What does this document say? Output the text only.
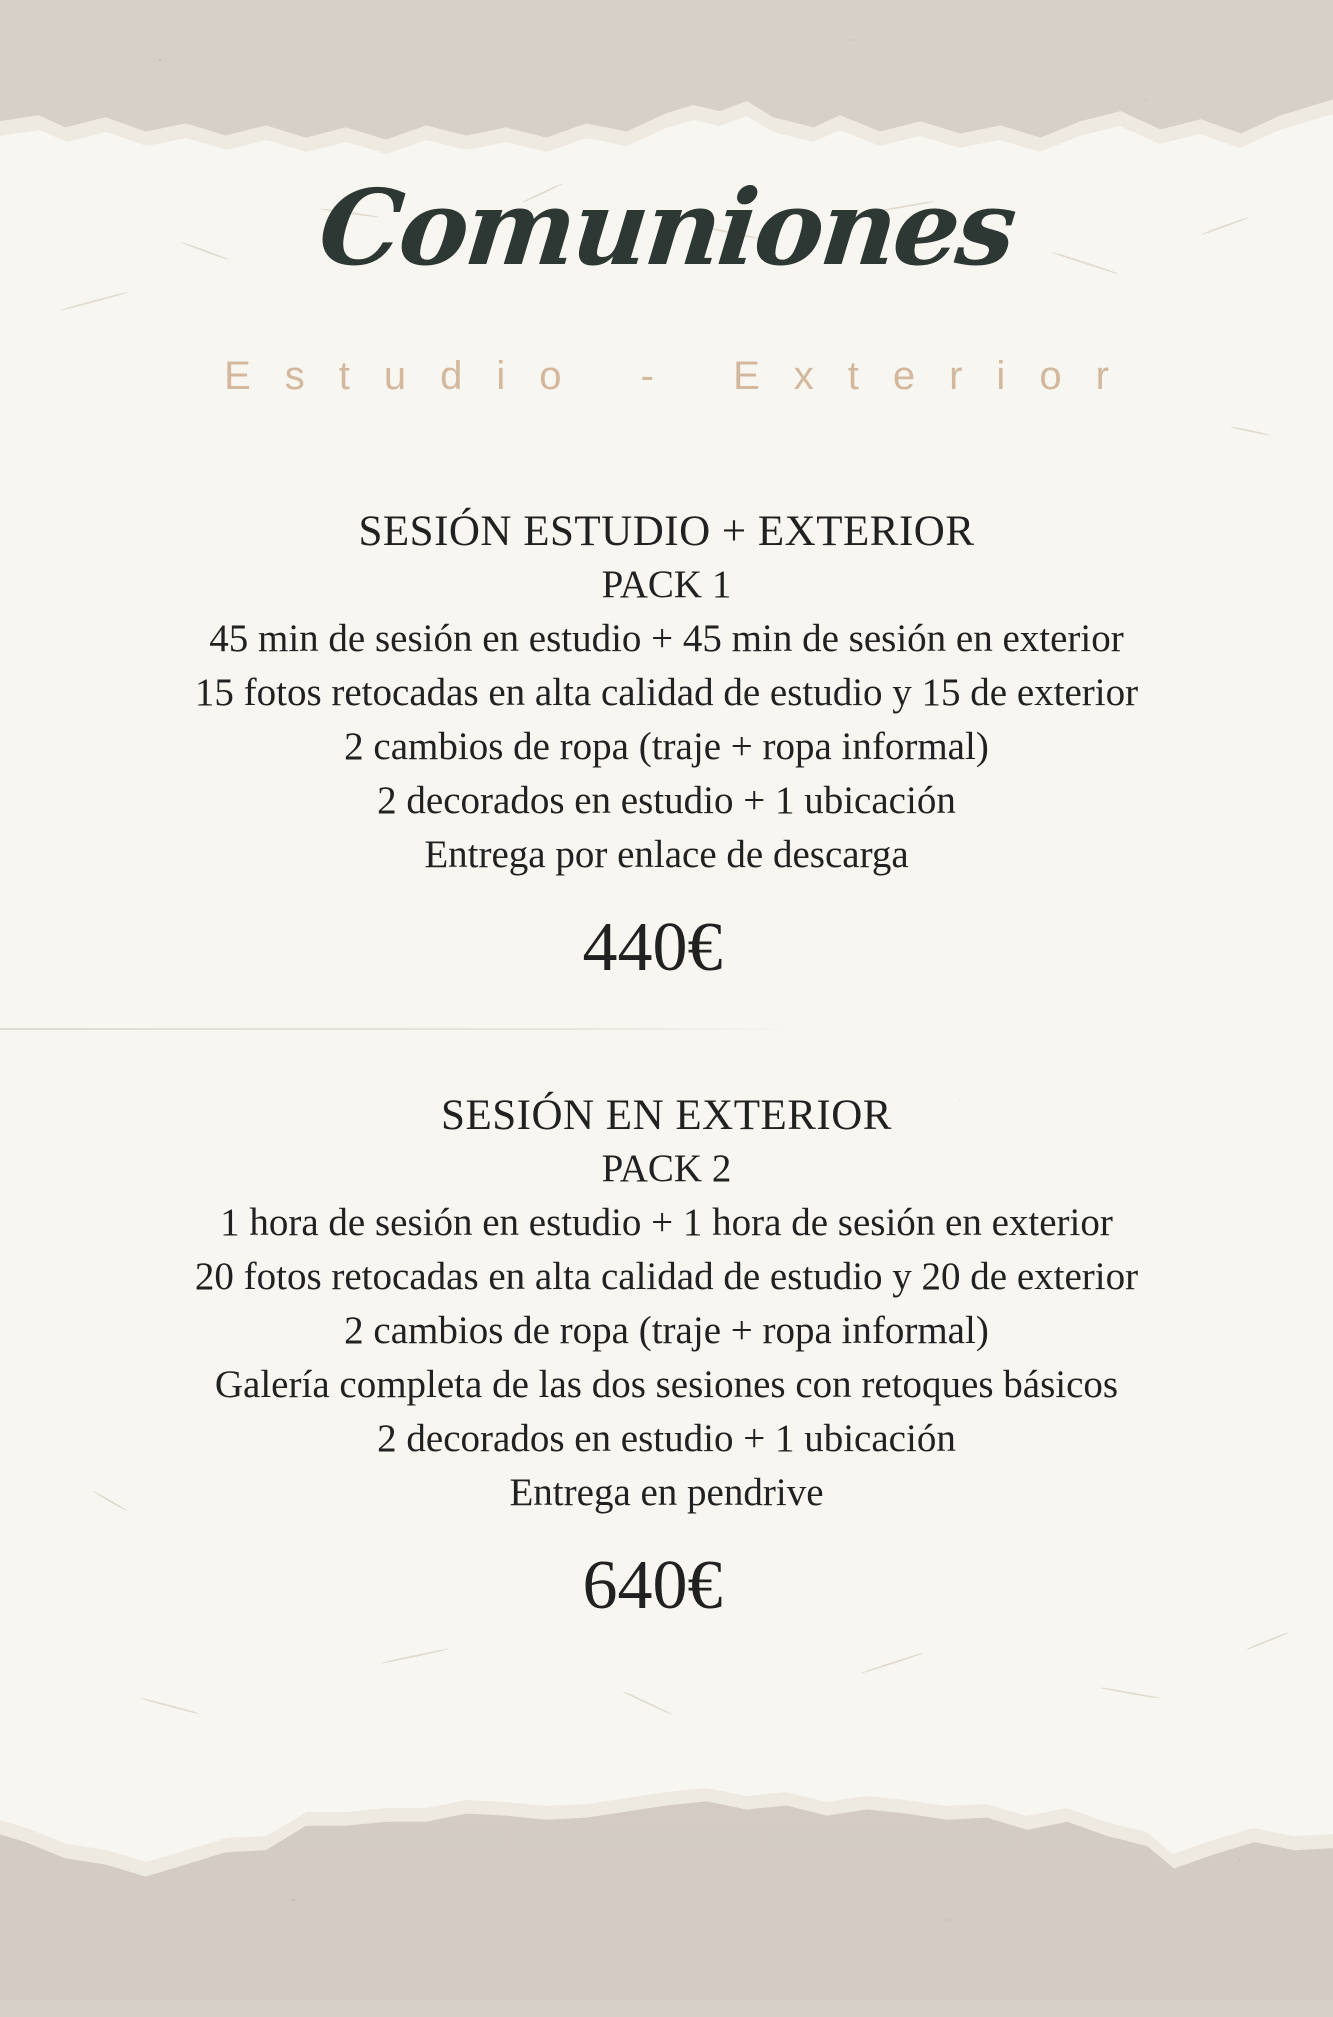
Comuniones
Estudio - Exterior
SESIÓN ESTUDIO + EXTERIOR
PACK 1

45 min de sesión en estudio + 45 min de sesión en exterior

15 fotos retocadas en alta calidad de estudio y 15 de exterior

2 cambios de ropa (traje + ropa informal)

2 decorados en estudio + 1 ubicación

Entrega por enlace de descarga

440€
SESIÓN EN EXTERIOR
PACK 2

1 hora de sesión en estudio + 1 hora de sesión en exterior

20 fotos retocadas en alta calidad de estudio y 20 de exterior

2 cambios de ropa (traje + ropa informal)

Galería completa de las dos sesiones con retoques básicos

2 decorados en estudio + 1 ubicación

Entrega en pendrive

640€
